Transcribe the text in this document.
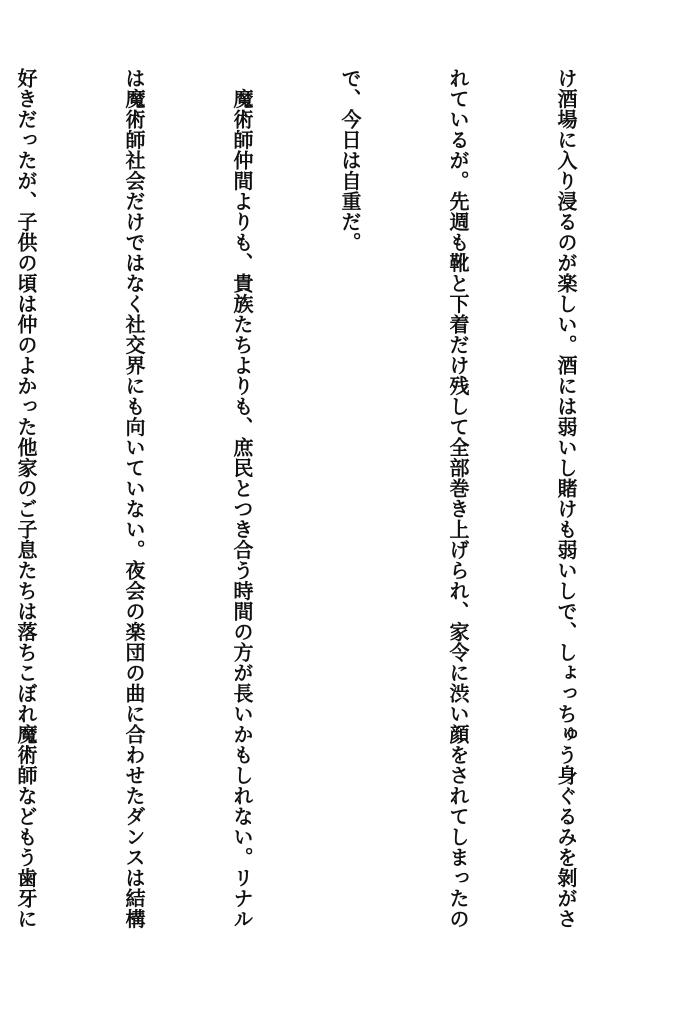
け酒場に入り浸るのが楽しい。酒には弱いし賭けも弱いしで、しょっちゅう身ぐるみを剝がさ

れているが。先週も靴と下着だけ残して全部巻き上げられ、家令に渋い顔をされてしまったの

で、今日は自重だ。

　魔術師仲間よりも、貴族たちよりも、庶民とつき合う時間の方が長いかもしれない。リナル

は魔術師社会だけではなく社交界にも向いていない。夜会の楽団の曲に合わせたダンスは結構

好きだったが、子供の頃は仲のよかった他家のご子息たちは落ちこぼれ魔術師などもう歯牙に
